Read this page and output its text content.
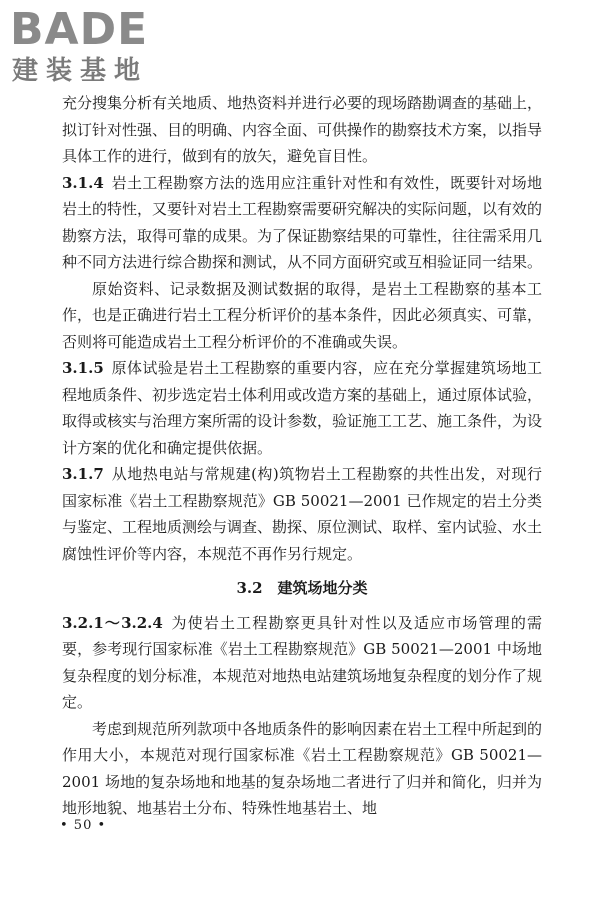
BADE
建装基地

充分搜集分析有关地质、地热资料并进行必要的现场踏勘调查的基础上，拟订针对性强、目的明确、内容全面、可供操作的勘察技术方案，以指导具体工作的进行，做到有的放矢，避免盲目性。

3.1.4 岩土工程勘察方法的选用应注重针对性和有效性，既要针对场地岩土的特性，又要针对岩土工程勘察需要研究解决的实际问题，以有效的勘察方法，取得可靠的成果。为了保证勘察结果的可靠性，往往需采用几种不同方法进行综合勘探和测试，从不同方面研究或互相验证同一结果。

原始资料、记录数据及测试数据的取得，是岩土工程勘察的基本工作，也是正确进行岩土工程分析评价的基本条件，因此必须真实、可靠，否则将可能造成岩土工程分析评价的不准确或失误。

3.1.5 原体试验是岩土工程勘察的重要内容，应在充分掌握建筑场地工程地质条件、初步选定岩土体利用或改造方案的基础上，通过原体试验，取得或核实与治理方案所需的设计参数，验证施工工艺、施工条件，为设计方案的优化和确定提供依据。

3.1.7 从地热电站与常规建(构)筑物岩土工程勘察的共性出发，对现行国家标准《岩土工程勘察规范》GB 50021—2001 已作规定的岩土分类与鉴定、工程地质测绘与调查、勘探、原位测试、取样、室内试验、水土腐蚀性评价等内容，本规范不再作另行规定。

3.2 建筑场地分类

3.2.1～3.2.4 为使岩土工程勘察更具针对性以及适应市场管理的需要，参考现行国家标准《岩土工程勘察规范》GB 50021—2001 中场地复杂程度的划分标准，本规范对地热电站建筑场地复杂程度的划分作了规定。

考虑到规范所列款项中各地质条件的影响因素在岩土工程中所起到的作用大小，本规范对现行国家标准《岩土工程勘察规范》GB 50021—2001 场地的复杂场地和地基的复杂场地二者进行了归并和简化，归并为地形地貌、地基岩土分布、特殊性地基岩土、地

• 50 •
